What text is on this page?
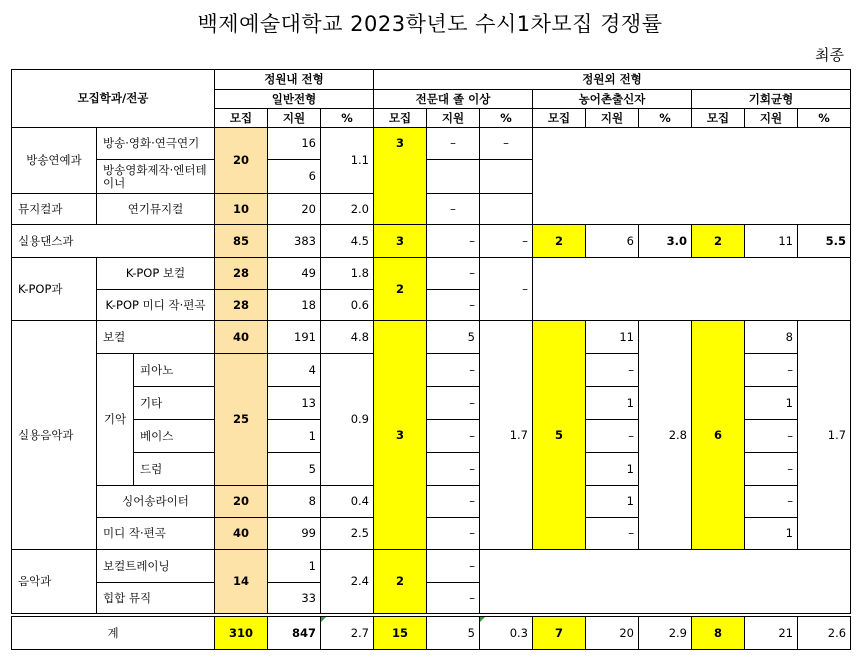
백제예술대학교 2023학년도 수시1차모집 경쟁률
최종
모집학과/전공			정원내 전형			정원외 전형								
			일반전형			전문대 졸 이상			농어촌출신자			기회균형		
			모집	지원	%	모집	지원	%	모집	지원	%	모집	지원	%
방송연예과	방송·영화·연극연기		20	16	1.1	3	–	–						
	방송영화제작·엔터테이너			6										
뮤지컬과	연기뮤지컬		10	20	2.0		–							
실용댄스과			85	383	4.5	3	–	–	2	6	3.0	2	11	5.5
K-POP과	K-POP 보컬		28	49	1.8	2	–	–						
	K-POP 미디 작·편곡		28	18	0.6		–							
실용음악과	보컬		40	191	4.8	3	5	1.7	5	11	2.8	6	8	1.7
	기악	피아노	25	4	0.9		–			–			–	
		기타		13			–			1			1	
		베이스		1			–			–			–	
		드럼		5			–			1			–	
	싱어송라이터		20	8	0.4		–			1			–	
	미디 작·편곡		40	99	2.5		–			–			1	
음악과	보컬트레이닝		14	1	2.4	2	–							
	힙합 뮤직			33			–							

계			310	847	2.7	15	5	0.3	7	20	2.9	8	21	2.6
